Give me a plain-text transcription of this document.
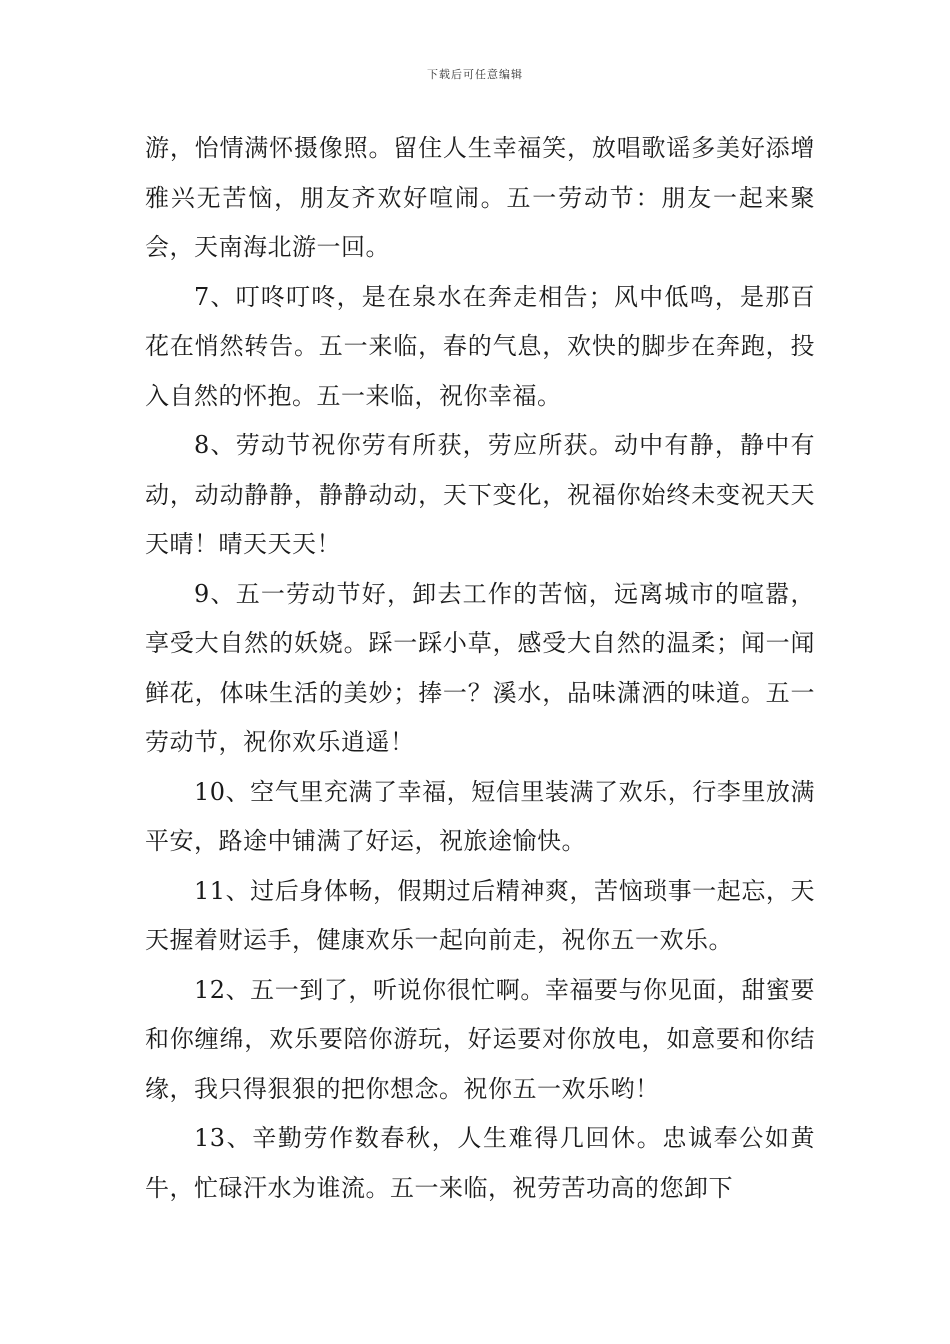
下载后可任意编辑

游，怡情满怀摄像照。留住人生幸福笑，放唱歌谣多美好添增雅兴无苦恼，朋友齐欢好喧闹。五一劳动节：朋友一起来聚会，天南海北游一回。

7、叮咚叮咚，是在泉水在奔走相告；风中低鸣，是那百花在悄然转告。五一来临，春的气息，欢快的脚步在奔跑，投入自然的怀抱。五一来临，祝你幸福。

8、劳动节祝你劳有所获，劳应所获。动中有静，静中有动，动动静静，静静动动，天下变化，祝福你始终未变祝天天天晴！晴天天天！

9、五一劳动节好，卸去工作的苦恼，远离城市的喧嚣，享受大自然的妖娆。踩一踩小草，感受大自然的温柔；闻一闻鲜花，体味生活的美妙；捧一？溪水，品味潇洒的味道。五一劳动节，祝你欢乐逍遥！

10、空气里充满了幸福，短信里装满了欢乐，行李里放满平安，路途中铺满了好运，祝旅途愉快。

11、过后身体畅，假期过后精神爽，苦恼琐事一起忘，天天握着财运手，健康欢乐一起向前走，祝你五一欢乐。

12、五一到了，听说你很忙啊。幸福要与你见面，甜蜜要和你缠绵，欢乐要陪你游玩，好运要对你放电，如意要和你结缘，我只得狠狠的把你想念。祝你五一欢乐哟！

13、辛勤劳作数春秋，人生难得几回休。忠诚奉公如黄牛，忙碌汗水为谁流。五一来临，祝劳苦功高的您卸下
